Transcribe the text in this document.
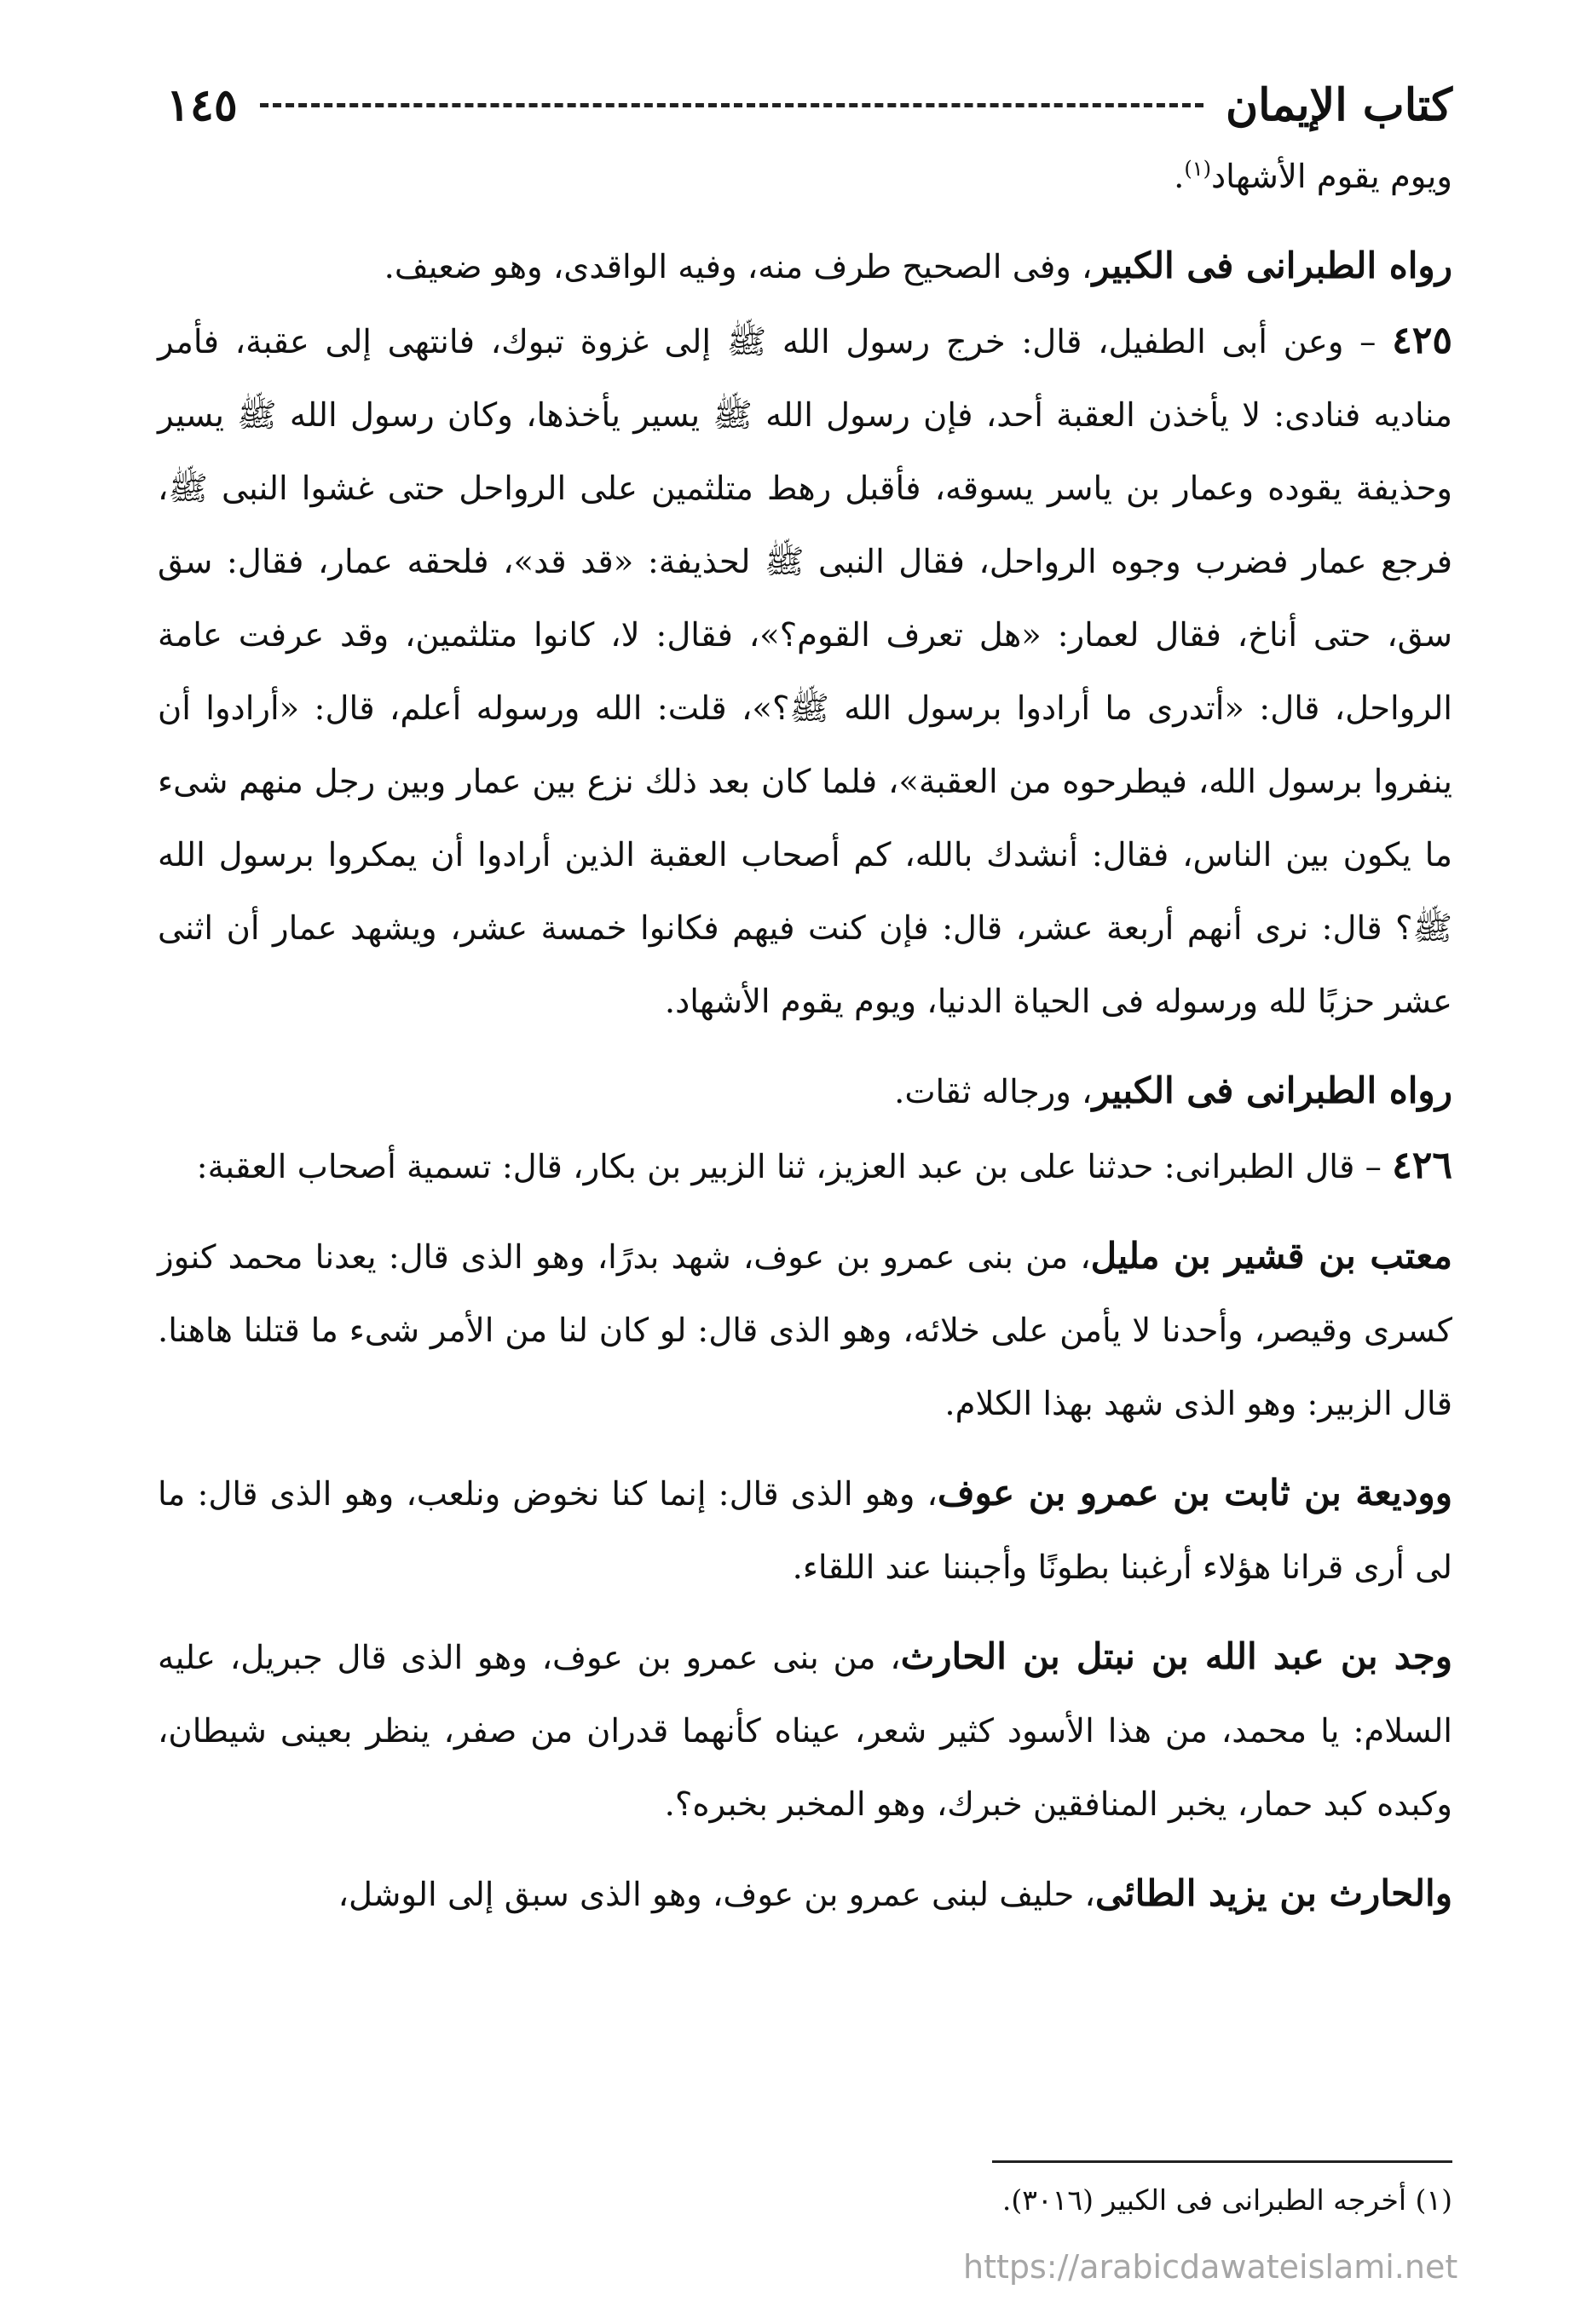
كتاب الإيمان
١٤٥

ويوم يقوم الأشهاد$^{(١)}$.

رواه الطبرانى فى الكبير، وفى الصحيح طرف منه، وفيه الواقدى، وهو ضعيف.

٤٢٥ – وعن أبى الطفيل، قال: خرج رسول الله ﷺ إلى غزوة تبوك، فانتهى إلى عقبة، فأمر مناديه فنادى: لا يأخذن العقبة أحد، فإن رسول الله ﷺ يسير يأخذها، وكان رسول الله ﷺ يسير وحذيفة يقوده وعمار بن ياسر يسوقه، فأقبل رهط متلثمين على الرواحل حتى غشوا النبى ﷺ، فرجع عمار فضرب وجوه الرواحل، فقال النبى ﷺ لحذيفة: «قد قد»، فلحقه عمار، فقال: سق سق، حتى أناخ، فقال لعمار: «هل تعرف القوم؟»، فقال: لا، كانوا متلثمين، وقد عرفت عامة الرواحل، قال: «أتدرى ما أرادوا برسول الله ﷺ؟»، قلت: الله ورسوله أعلم، قال: «أرادوا أن ينفروا برسول الله، فيطرحوه من العقبة»، فلما كان بعد ذلك نزع بين عمار وبين رجل منهم شىء ما يكون بين الناس، فقال: أنشدك بالله، كم أصحاب العقبة الذين أرادوا أن يمكروا برسول الله ﷺ؟ قال: نرى أنهم أربعة عشر، قال: فإن كنت فيهم فكانوا خمسة عشر، ويشهد عمار أن اثنى عشر حزبًا لله ورسوله فى الحياة الدنيا، ويوم يقوم الأشهاد.

رواه الطبرانى فى الكبير، ورجاله ثقات.

٤٢٦ – قال الطبرانى: حدثنا على بن عبد العزيز، ثنا الزبير بن بكار، قال: تسمية أصحاب العقبة:

معتب بن قشير بن مليل، من بنى عمرو بن عوف، شهد بدرًا، وهو الذى قال: يعدنا محمد كنوز كسرى وقيصر، وأحدنا لا يأمن على خلائه، وهو الذى قال: لو كان لنا من الأمر شىء ما قتلنا هاهنا. قال الزبير: وهو الذى شهد بهذا الكلام.

ووديعة بن ثابت بن عمرو بن عوف، وهو الذى قال: إنما كنا نخوض ونلعب، وهو الذى قال: ما لى أرى قرانا هؤلاء أرغبنا بطونًا وأجبننا عند اللقاء.

وجد بن عبد الله بن نبتل بن الحارث، من بنى عمرو بن عوف، وهو الذى قال جبريل، عليه السلام: يا محمد، من هذا الأسود كثير شعر، عيناه كأنهما قدران من صفر، ينظر بعينى شيطان، وكبده كبد حمار، يخبر المنافقين خبرك، وهو المخبر بخبره؟.

والحارث بن يزيد الطائى، حليف لبنى عمرو بن عوف، وهو الذى سبق إلى الوشل،

(١) أخرجه الطبرانى فى الكبير (٣٠١٦).
https://arabicdawateislami.net
